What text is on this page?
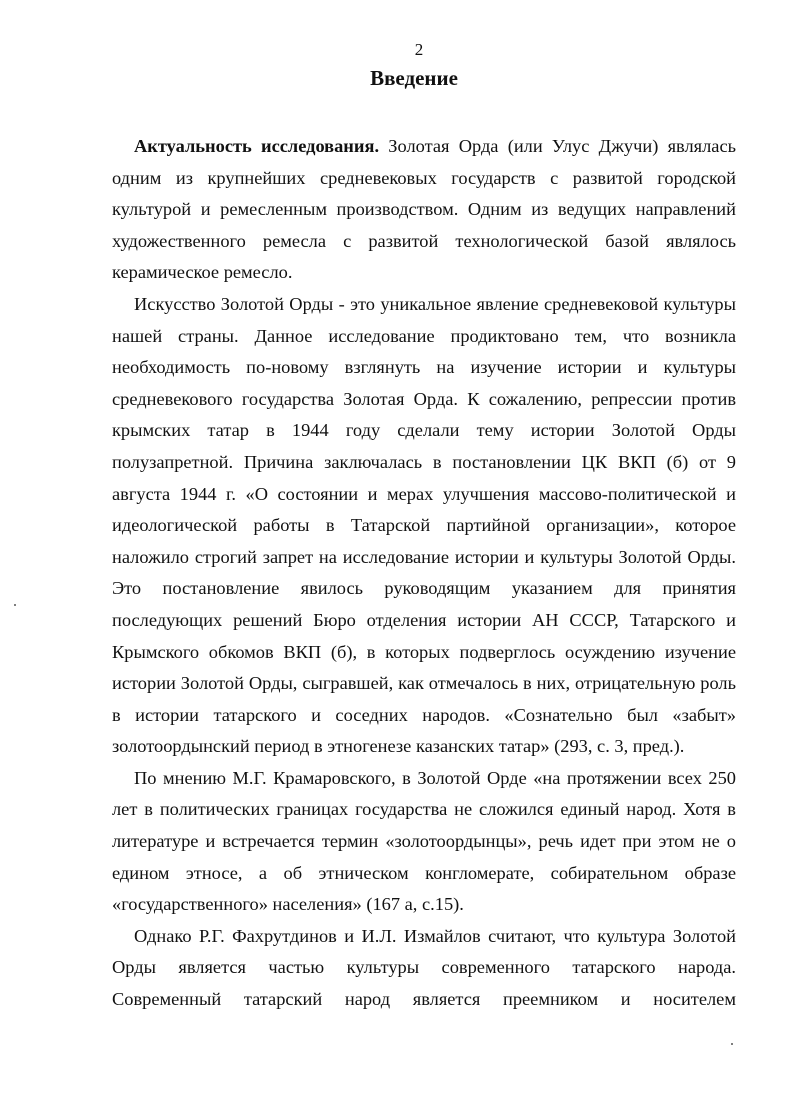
2
Введение

Актуальность исследования. Золотая Орда (или Улус Джучи) являлась одним из крупнейших средневековых государств с развитой городской культурой и ремесленным производством. Одним из ведущих направлений художественного ремесла с развитой технологической базой являлось керамическое ремесло.

Искусство Золотой Орды - это уникальное явление средневековой культуры нашей страны. Данное исследование продиктовано тем, что возникла необходимость по-новому взглянуть на изучение истории и культуры средневекового государства Золотая Орда. К сожалению, репрессии против крымских татар в 1944 году сделали тему истории Золотой Орды полузапретной. Причина заключалась в постановлении ЦК ВКП (б) от 9 августа 1944 г. «О состоянии и мерах улучшения массово-политической и идеологической работы в Татарской партийной организации», которое наложило строгий запрет на исследование истории и культуры Золотой Орды. Это постановление явилось руководящим указанием для принятия последующих решений Бюро отделения истории АН СССР, Татарского и Крымского обкомов ВКП (б), в которых подверглось осуждению изучение истории Золотой Орды, сыгравшей, как отмечалось в них, отрицательную роль в истории татарского и соседних народов. «Сознательно был «забыт» золотоордынский период в этногенезе казанских татар» (293, с. 3, пред.).

По мнению М.Г. Крамаровского, в Золотой Орде «на протяжении всех 250 лет в политических границах государства не сложился единый народ. Хотя в литературе и встречается термин «золотоордынцы», речь идет при этом не о едином этносе, а об этническом конгломерате, собирательном образе «государственного» населения» (167 а, с.15).

Однако Р.Г. Фахрутдинов и И.Л. Измайлов считают, что культура Золотой Орды является частью культуры современного татарского народа. Современный татарский народ является преемником и носителем
